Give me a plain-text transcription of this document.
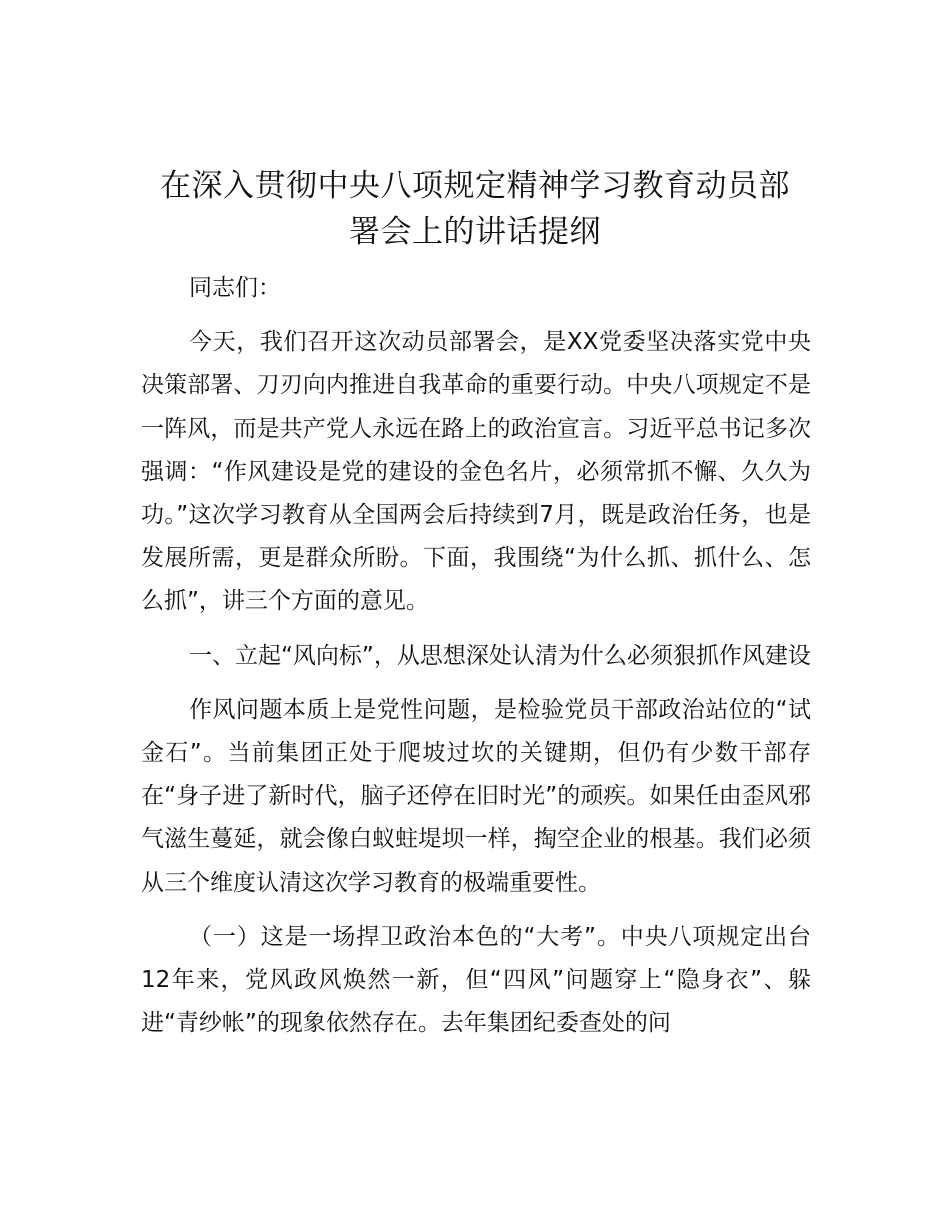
在深入贯彻中央八项规定精神学习教育动员部
署会上的讲话提纲

同志们：

今天，我们召开这次动员部署会，是XX党委坚决落实党中央决策部署、刀刃向内推进自我革命的重要行动。中央八项规定不是一阵风，而是共产党人永远在路上的政治宣言。习近平总书记多次强调：“作风建设是党的建设的金色名片，必须常抓不懈、久久为功。”这次学习教育从全国两会后持续到7月，既是政治任务，也是发展所需，更是群众所盼。下面，我围绕“为什么抓、抓什么、怎么抓”，讲三个方面的意见。

一、立起“风向标”，从思想深处认清为什么必须狠抓作风建设

作风问题本质上是党性问题，是检验党员干部政治站位的“试金石”。当前集团正处于爬坡过坎的关键期，但仍有少数干部存在“身子进了新时代，脑子还停在旧时光”的顽疾。如果任由歪风邪气滋生蔓延，就会像白蚁蛀堤坝一样，掏空企业的根基。我们必须从三个维度认清这次学习教育的极端重要性。

（一）这是一场捍卫政治本色的“大考”。中央八项规定出台12年来，党风政风焕然一新，但“四风”问题穿上“隐身衣”、躲进“青纱帐”的现象依然存在。去年集团纪委查处的问
